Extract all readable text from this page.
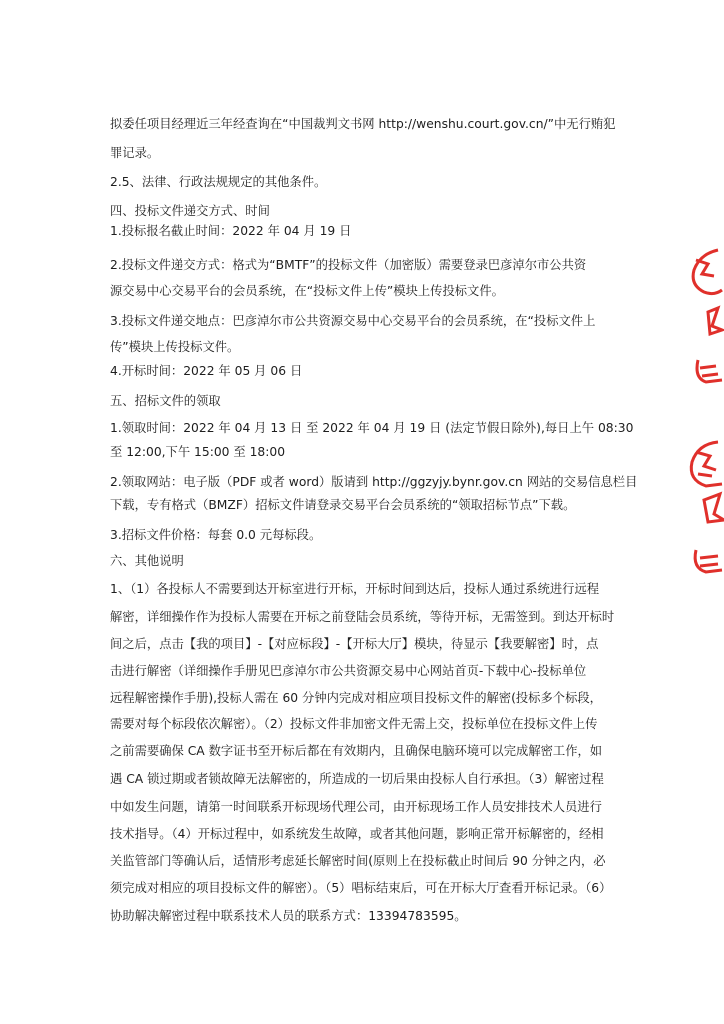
拟委任项目经理近三年经查询在“中国裁判文书网 http://wenshu.court.gov.cn/”中无行贿犯
罪记录。
2.5、法律、行政法规规定的其他条件。
四、投标文件递交方式、时间
1.投标报名截止时间：2022 年 04 月 19 日
2.投标文件递交方式：格式为“BMTF”的投标文件（加密版）需要登录巴彦淖尔市公共资
源交易中心交易平台的会员系统，在“投标文件上传”模块上传投标文件。
3.投标文件递交地点：巴彦淖尔市公共资源交易中心交易平台的会员系统，在“投标文件上
传”模块上传投标文件。
4.开标时间：2022 年 05 月 06 日
五、招标文件的领取
1.领取时间：2022 年 04 月 13 日 至 2022 年 04 月 19 日 (法定节假日除外),每日上午 08:30
至 12:00,下午 15:00 至 18:00
2.领取网站：电子版（PDF 或者 word）版请到 http://ggzyjy.bynr.gov.cn 网站的交易信息栏目
下载，专有格式（BMZF）招标文件请登录交易平台会员系统的“领取招标节点”下载。
3.招标文件价格：每套 0.0 元每标段。
六、其他说明
1、（1）各投标人不需要到达开标室进行开标，开标时间到达后，投标人通过系统进行远程
解密，详细操作作为投标人需要在开标之前登陆会员系统，等待开标，无需签到。到达开标时
间之后，点击【我的项目】-【对应标段】-【开标大厅】模块，待显示【我要解密】时，点
击进行解密（详细操作手册见巴彦淖尔市公共资源交易中心网站首页-下载中心-投标单位
远程解密操作手册),投标人需在 60 分钟内完成对相应项目投标文件的解密(投标多个标段，
需要对每个标段依次解密）。（2）投标文件非加密文件无需上交，投标单位在投标文件上传
之前需要确保 CA 数字证书至开标后都在有效期内，且确保电脑环境可以完成解密工作，如
遇 CA 锁过期或者锁故障无法解密的，所造成的一切后果由投标人自行承担。（3）解密过程
中如发生问题，请第一时间联系开标现场代理公司，由开标现场工作人员安排技术人员进行
技术指导。（4）开标过程中，如系统发生故障，或者其他问题，影响正常开标解密的，经相
关监管部门等确认后，适情形考虑延长解密时间(原则上在投标截止时间后 90 分钟之内，必
须完成对相应的项目投标文件的解密）。（5）唱标结束后，可在开标大厅查看开标记录。（6）
协助解决解密过程中联系技术人员的联系方式：13394783595。
